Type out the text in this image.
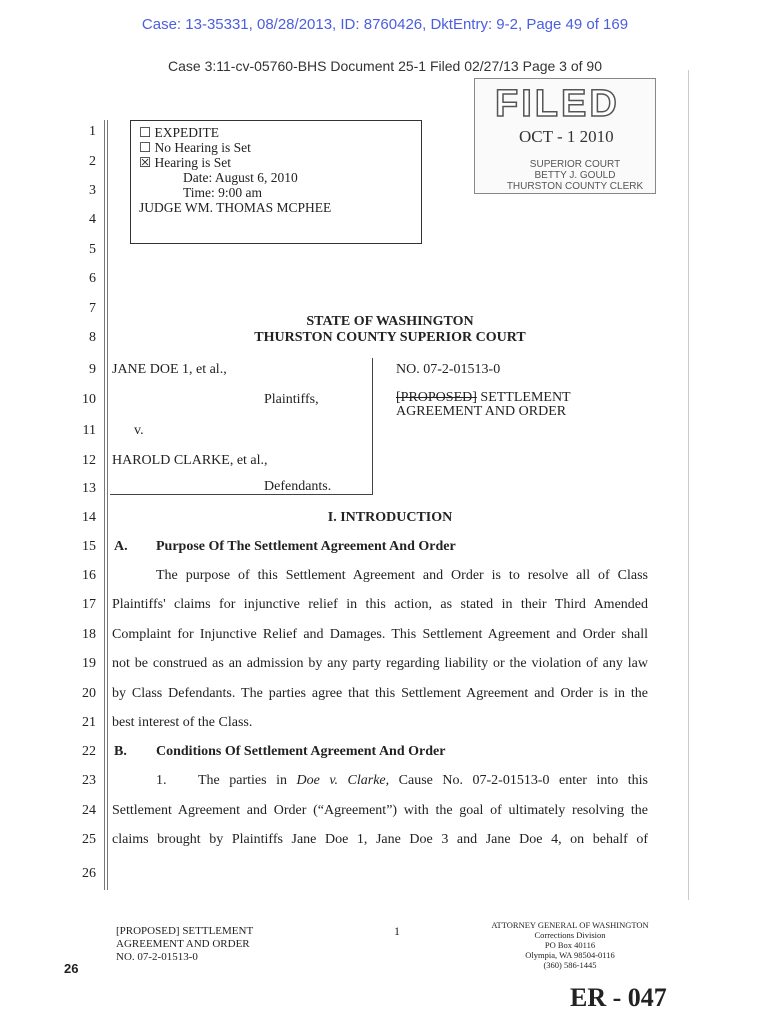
Case: 13-35331, 08/28/2013, ID: 8760426, DktEntry: 9-2, Page 49 of 169
Case 3:11-cv-05760-BHS Document 25-1 Filed 02/27/13 Page 3 of 90
FILED
OCT - 1 2010
SUPERIOR COURT
BETTY J. GOULD
THURSTON COUNTY CLERK
1
2
3
4
5
6
7
8
9
10
11
12
13
14
15
16
17
18
19
20
21
22
23
24
25
26
☐ EXPEDITE
☐ No Hearing is Set
☒ Hearing is Set
Date: August 6, 2010
Time: 9:00 am
JUDGE WM. THOMAS MCPHEE
STATE OF WASHINGTON
THURSTON COUNTY SUPERIOR COURT
JANE DOE 1, et al.,
Plaintiffs,
v.
HAROLD CLARKE, et al.,
Defendants.
NO. 07-2-01513-0
[PROPOSED] SETTLEMENT
AGREEMENT AND ORDER
I. INTRODUCTION
A. Purpose Of The Settlement Agreement And Order
The purpose of this Settlement Agreement and Order is to resolve all of Class
Plaintiffs' claims for injunctive relief in this action, as stated in their Third Amended
Complaint for Injunctive Relief and Damages. This Settlement Agreement and Order shall
not be construed as an admission by any party regarding liability or the violation of any law
by Class Defendants. The parties agree that this Settlement Agreement and Order is in the
best interest of the Class.
B. Conditions Of Settlement Agreement And Order
1. The parties in Doe v. Clarke, Cause No. 07-2-01513-0 enter into this
Settlement Agreement and Order (“Agreement”) with the goal of ultimately resolving the
claims brought by Plaintiffs Jane Doe 1, Jane Doe 3 and Jane Doe 4, on behalf of
[PROPOSED] SETTLEMENT
AGREEMENT AND ORDER
NO. 07-2-01513-0
1	ATTORNEY GENERAL OF WASHINGTON
Corrections Division
PO Box 40116
Olympia, WA 98504-0116
(360) 586-1445
26
ER - 047
